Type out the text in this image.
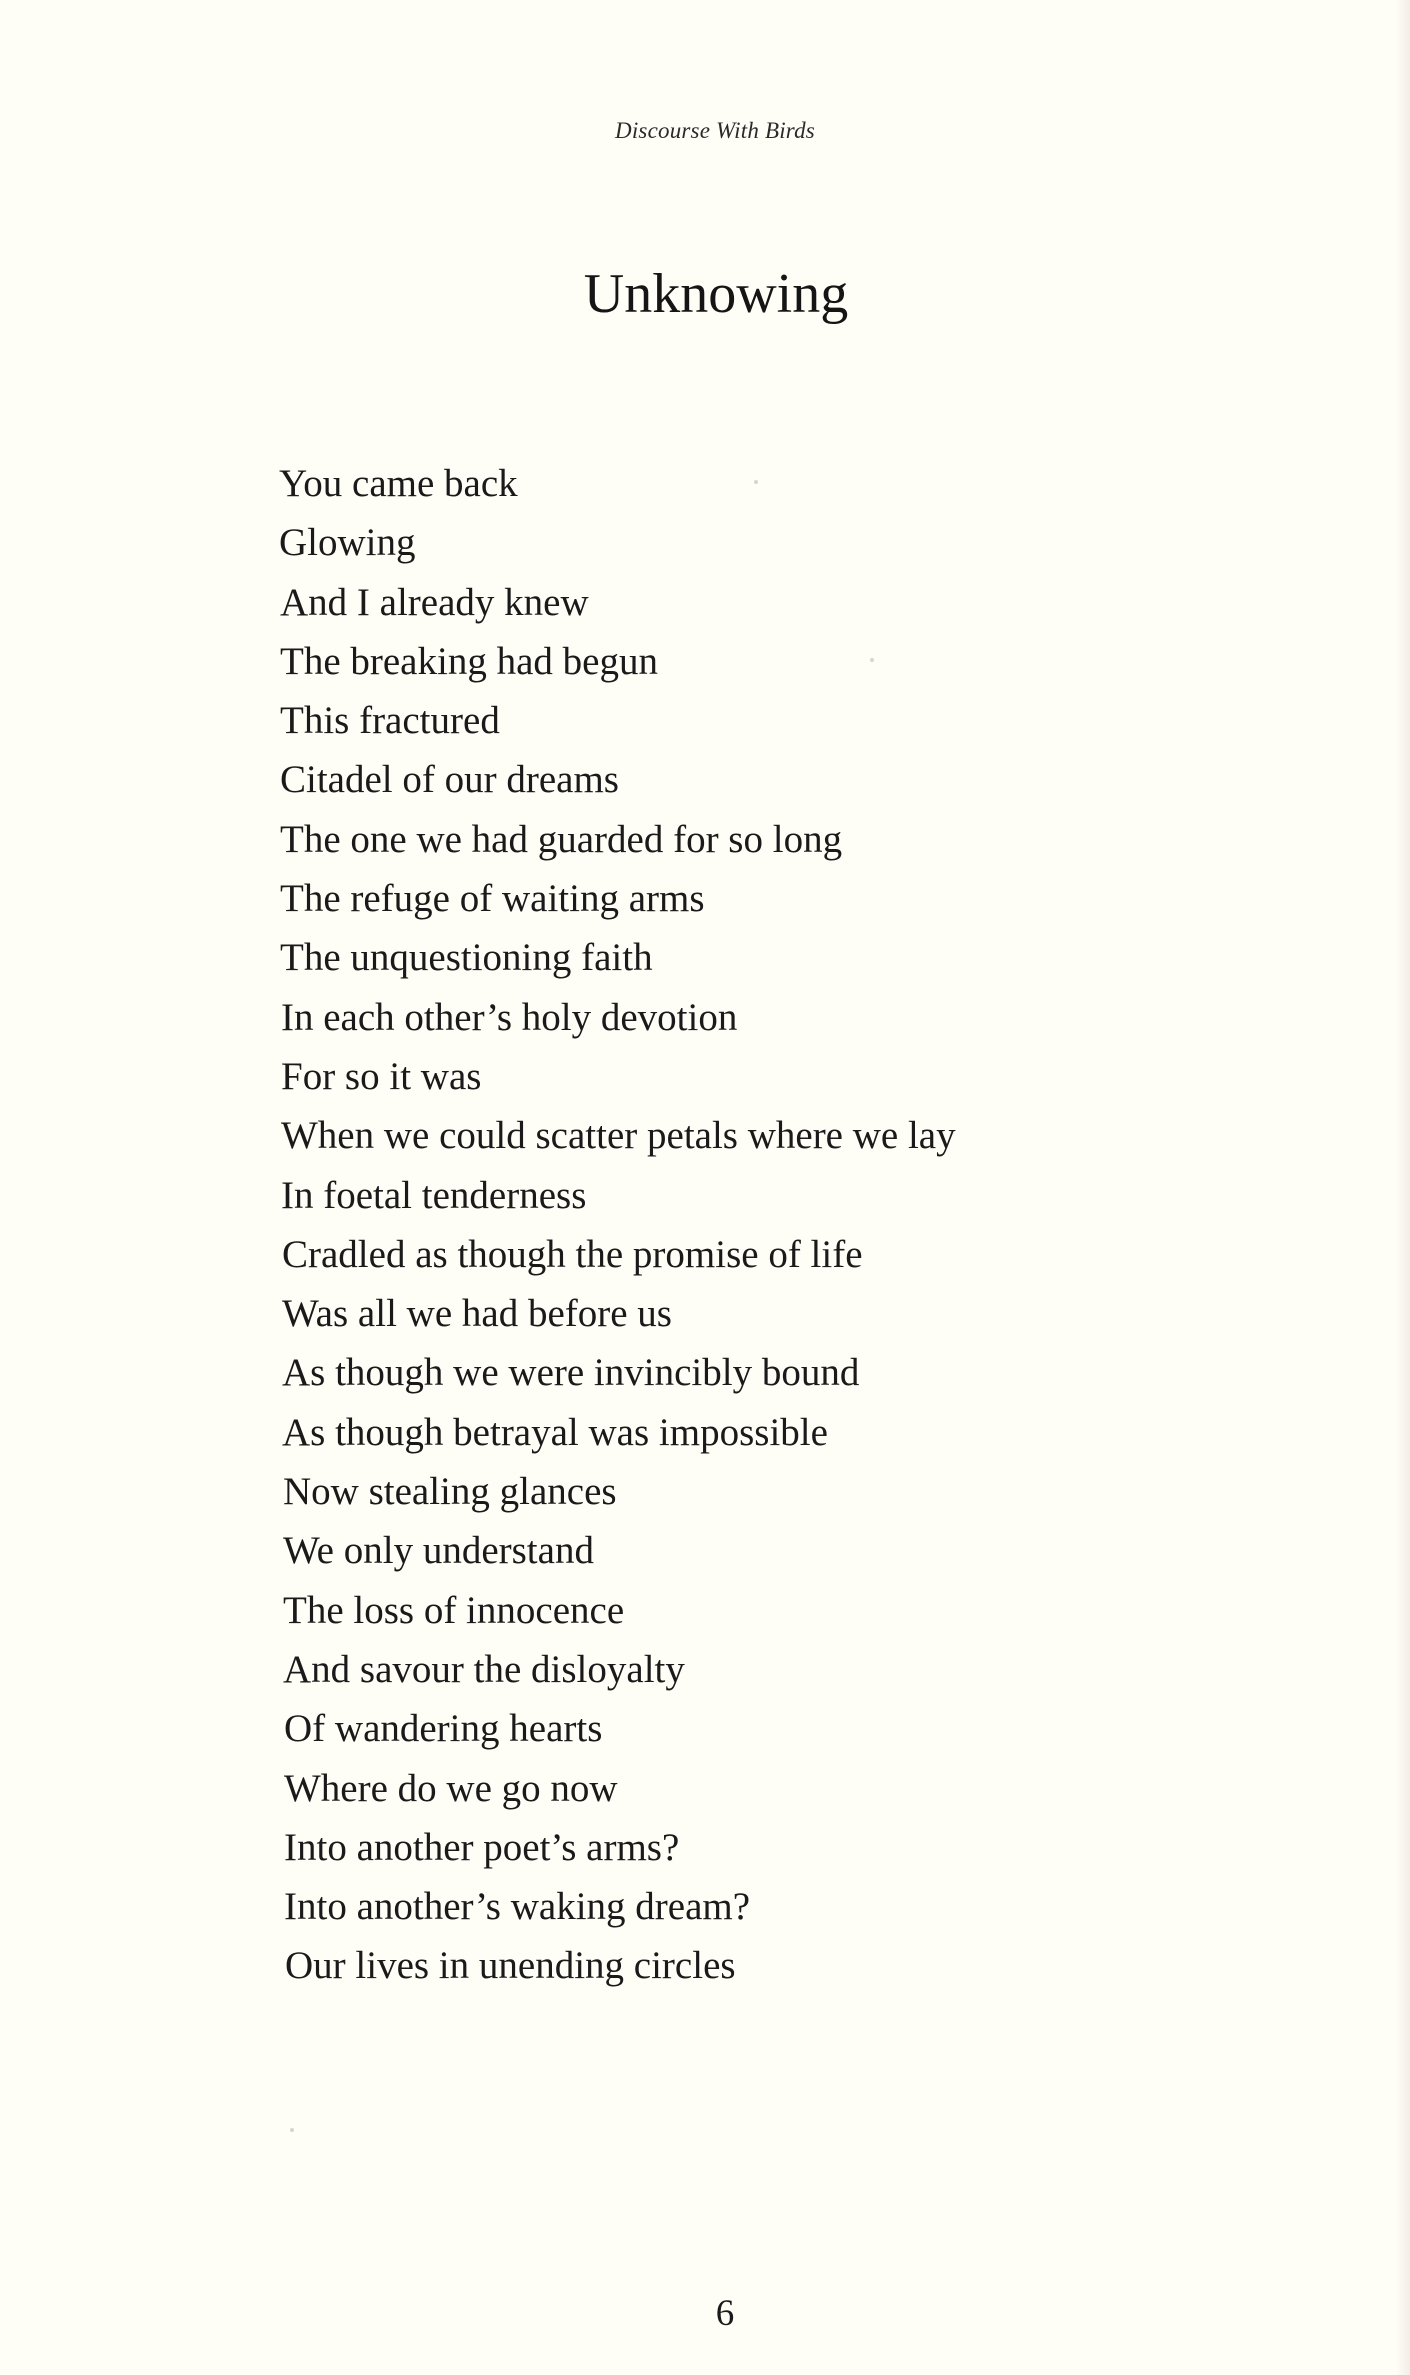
Discourse With Birds
Unknowing
You came back
Glowing
And I already knew
The breaking had begun
This fractured
Citadel of our dreams
The one we had guarded for so long
The refuge of waiting arms
The unquestioning faith
In each other’s holy devotion
For so it was
When we could scatter petals where we lay
In foetal tenderness
Cradled as though the promise of life
Was all we had before us
As though we were invincibly bound
As though betrayal was impossible
Now stealing glances
We only understand
The loss of innocence
And savour the disloyalty
Of wandering hearts
Where do we go now
Into another poet’s arms?
Into another’s waking dream?
Our lives in unending circles
6
